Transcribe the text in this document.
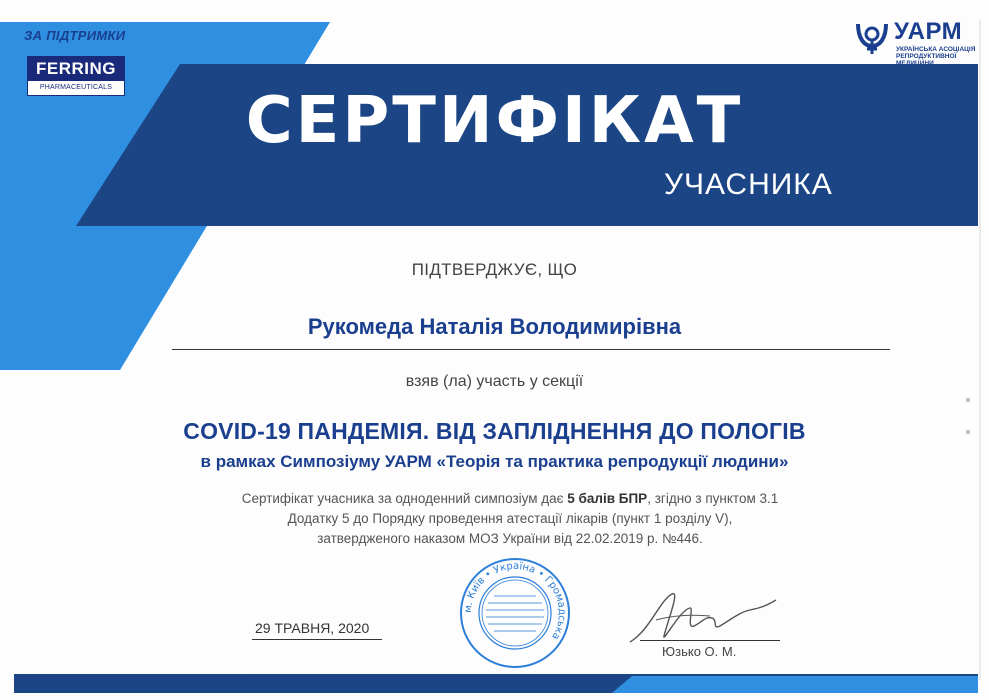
ЗА ПІДТРИМКИ
FERRING
PHARMACEUTICALS
УАРМ
УКРАЇНСЬКА АСОЦІАЦІЯ РЕПРОДУКТИВНОЇ МЕДИЦИНИ
СЕРТИФІКАТ
УЧАСНИКА
ПІДТВЕРДЖУЄ, ЩО
Рукомеда Наталія Володимирівна
взяв (ла) участь у секції
COVID-19 ПАНДЕМІЯ. ВІД ЗАПЛІДНЕННЯ ДО ПОЛОГІВ
в рамках Симпозіуму УАРМ «Теорія та практика репродукції людини»
Сертифікат учасника за одноденний симпозіум дає 5 балів БПР, згідно з пунктом 3.1
Додатку 5 до Порядку проведення атестації лікарів (пункт 1 розділу V),
затвердженого наказом МОЗ України від 22.02.2019 р. №446.
29 ТРАВНЯ, 2020
м. Київ • Україна • Громадська
Юзько О. М.
